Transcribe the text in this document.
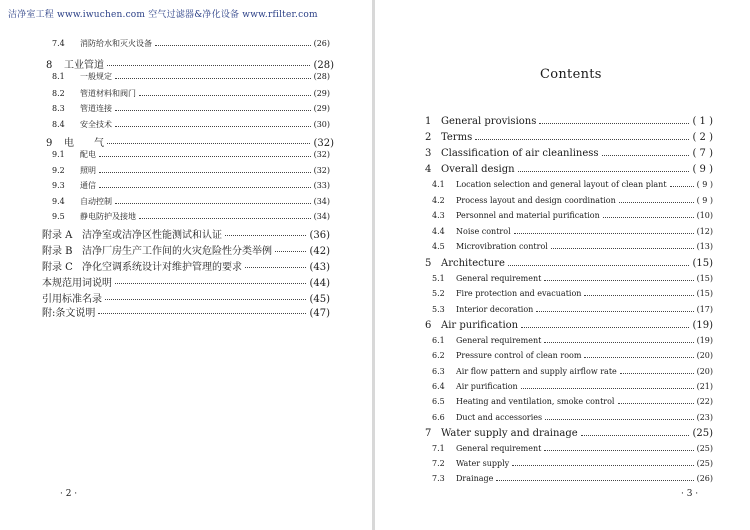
洁净室工程 www.iwuchen.com 空气过滤器&净化设备 www.rfilter.com
7.4	消防给水和灭火设备	(26)
8	工业管道	(28)
8.1	一般规定	(28)
8.2	管道材料和阀门	(29)
8.3	管道连接	(29)
8.4	安全技术	(30)
9	电　　气	(32)
9.1	配电	(32)
9.2	照明	(32)
9.3	通信	(33)
9.4	自动控制	(34)
9.5	静电防护及接地	(34)
附录 A 洁净室或洁净区性能测试和认证	(36)
附录 B 洁净厂房生产工作间的火灾危险性分类举例	(42)
附录 C 净化空调系统设计对维护管理的要求	(43)
本规范用词说明	(44)
引用标准名录	(45)
附:条文说明	(47)
1 General provisions	( 1 )
2 Terms	( 2 )
3 Classification of air cleanliness	( 7 )
4 Overall design	( 9 )
4.1	Location selection and general layout of clean plant	( 9 )
4.2	Process layout and design coordination	( 9 )
4.3	Personnel and material purification	(10)
4.4	Noise control	(12)
4.5	Microvibration control	(13)
5 Architecture	(15)
5.1	General requirement	(15)
5.2	Fire protection and evacuation	(15)
5.3	Interior decoration	(17)
6 Air purification	(19)
6.1	General requirement	(19)
6.2	Pressure control of clean room	(20)
6.3	Air flow pattern and supply airflow rate	(20)
6.4	Air purification	(21)
6.5	Heating and ventilation, smoke control	(22)
6.6	Duct and accessories	(23)
7 Water supply and drainage	(25)
7.1	General requirement	(25)
7.2	Water supply	(25)
7.3	Drainage	(26)
Contents
· 2 ·	· 3 ·
